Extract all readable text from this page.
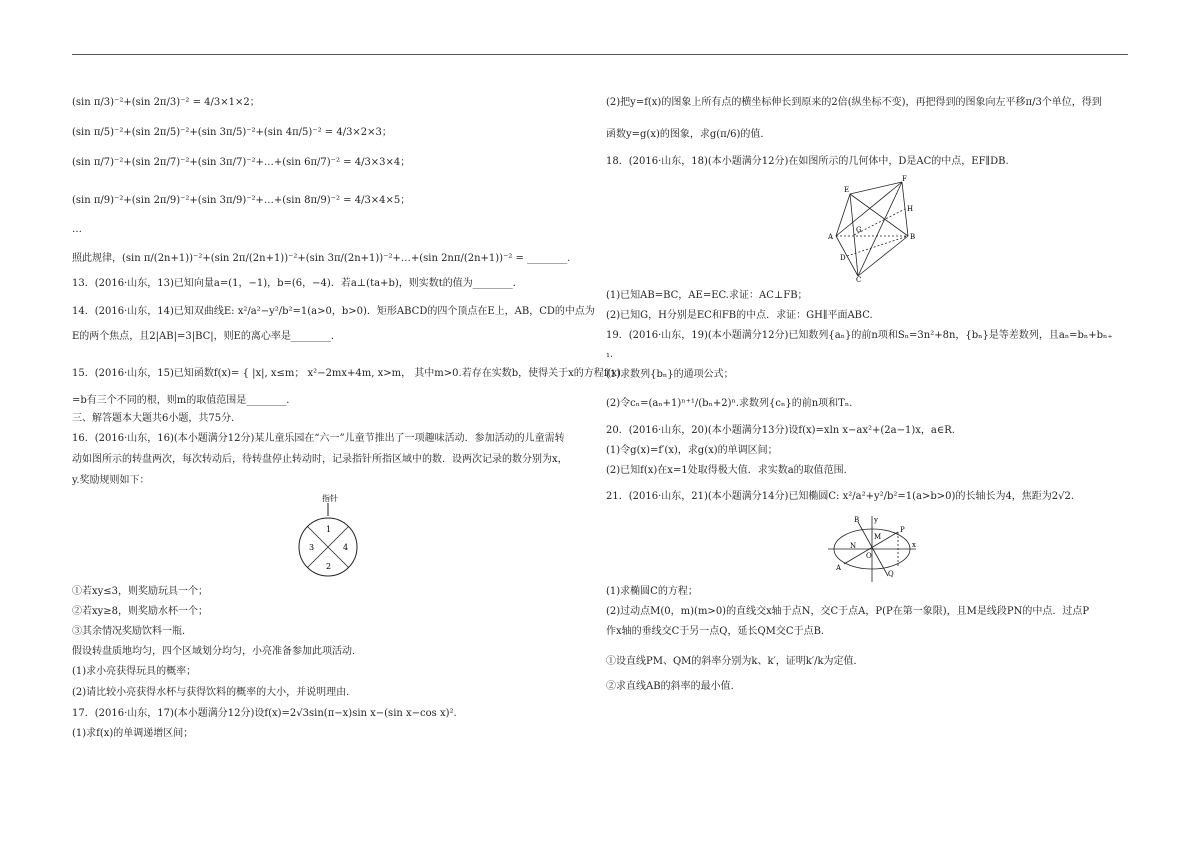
(sin π/3)⁻²+(sin 2π/3)⁻² = 4/3×1×2；
(sin π/5)⁻²+(sin 2π/5)⁻²+(sin 3π/5)⁻²+(sin 4π/5)⁻² = 4/3×2×3；
(sin π/7)⁻²+(sin 2π/7)⁻²+(sin 3π/7)⁻²+…+(sin 6π/7)⁻² = 4/3×3×4；
(sin π/9)⁻²+(sin 2π/9)⁻²+(sin 3π/9)⁻²+…+(sin 8π/9)⁻² = 4/3×4×5；
…
照此规律，(sin π/(2n+1))⁻²+(sin 2π/(2n+1))⁻²+(sin 3π/(2n+1))⁻²+…+(sin 2nπ/(2n+1))⁻² = ________.
13．(2016·山东，13)已知向量a=(1，−1)，b=(6，−4)．若a⊥(ta+b)，则实数t的值为________．
14．(2016·山东，14)已知双曲线E: x²/a²−y²/b²=1(a>0，b>0)．矩形ABCD的四个顶点在E上，AB，CD的中点为
E的两个焦点，且2|AB|=3|BC|，则E的离心率是________．
15．(2016·山东，15)已知函数f(x)= { |x|, x≤m； x²−2mx+4m, x>m， 其中m>0.若存在实数b，使得关于x的方程f(x)
=b有三个不同的根，则m的取值范围是________．
三、解答题本大题共6小题，共75分．
16．(2016·山东，16)(本小题满分12分)某儿童乐园在“六一”儿童节推出了一项趣味活动．参加活动的儿童需转
动如图所示的转盘两次，每次转动后，待转盘停止转动时，记录指针所指区域中的数．设两次记录的数分别为x，
y.奖励规则如下：
指针
1
4
2
3
①若xy≤3，则奖励玩具一个；
②若xy≥8，则奖励水杯一个；
③其余情况奖励饮料一瓶．
假设转盘质地均匀，四个区域划分均匀，小亮准备参加此项活动．
(1)求小亮获得玩具的概率；
(2)请比较小亮获得水杯与获得饮料的概率的大小，并说明理由．
17．(2016·山东，17)(本小题满分12分)设f(x)=2√3sin(π−x)sin x−(sin x−cos x)².
(1)求f(x)的单调递增区间；
(2)把y=f(x)的图象上所有点的横坐标伸长到原来的2倍(纵坐标不变)，再把得到的图象向左平移π/3个单位，得到
函数y=g(x)的图象，求g(π/6)的值．
18．(2016·山东，18)(本小题满分12分)在如图所示的几何体中，D是AC的中点，EF∥DB.
E
F
H
G
A	B
D
C
(1)已知AB=BC，AE=EC.求证：AC⊥FB；
(2)已知G，H分别是EC和FB的中点．求证：GH∥平面ABC.
19．(2016·山东，19)(本小题满分12分)已知数列{aₙ}的前n项和Sₙ=3n²+8n，{bₙ}是等差数列，且aₙ=bₙ+bₙ₊
₁.
(1)求数列{bₙ}的通项公式；
(2)令cₙ=(aₙ+1)ⁿ⁺¹/(bₙ+2)ⁿ.求数列{cₙ}的前n项和Tₙ.
20．(2016·山东，20)(本小题满分13分)设f(x)=xln x−ax²+(2a−1)x，a∈R.
(1)令g(x)=f′(x)，求g(x)的单调区间；
(2)已知f(x)在x=1处取得极大值．求实数a的取值范围．
21．(2016·山东，21)(本小题满分14分)已知椭圆C: x²/a²+y²/b²=1(a>b>0)的长轴长为4，焦距为2√2.
B y
M
P
N
O
x
A
Q
(1)求椭圆C的方程；
(2)过动点M(0，m)(m>0)的直线交x轴于点N，交C于点A，P(P在第一象限)，且M是线段PN的中点．过点P
作x轴的垂线交C于另一点Q，延长QM交C于点B.
①设直线PM、QM的斜率分别为k、k′，证明k′/k为定值．
②求直线AB的斜率的最小值．
